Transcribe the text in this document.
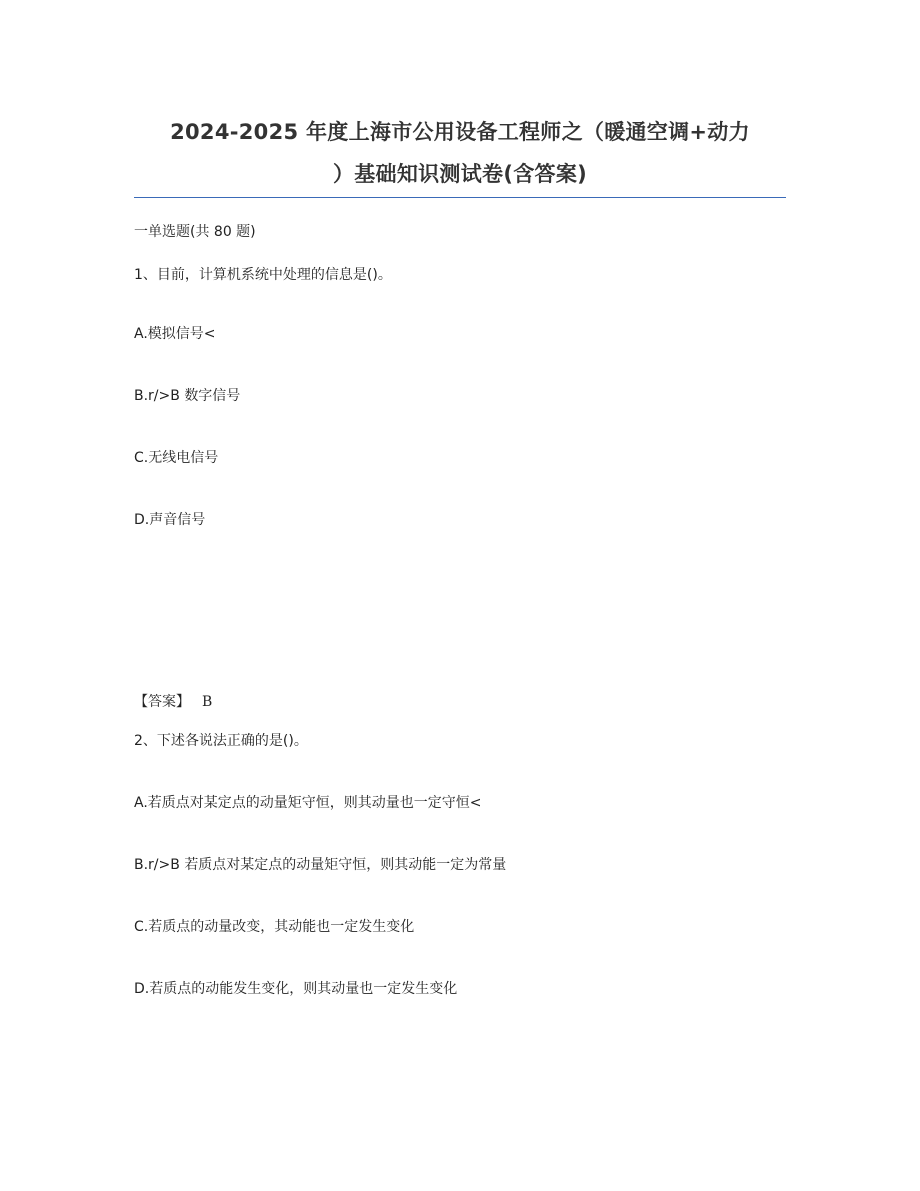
2024-2025 年度上海市公用设备工程师之（暖通空调+动力
）基础知识测试卷(含答案)
一单选题(共 80 题)
1、目前，计算机系统中处理的信息是()。
A.模拟信号<
B.r/>B 数字信号
C.无线电信号
D.声音信号
【答案】 B
2、下述各说法正确的是()。
A.若质点对某定点的动量矩守恒，则其动量也一定守恒<
B.r/>B 若质点对某定点的动量矩守恒，则其动能一定为常量
C.若质点的动量改变，其动能也一定发生变化
D.若质点的动能发生变化，则其动量也一定发生变化
